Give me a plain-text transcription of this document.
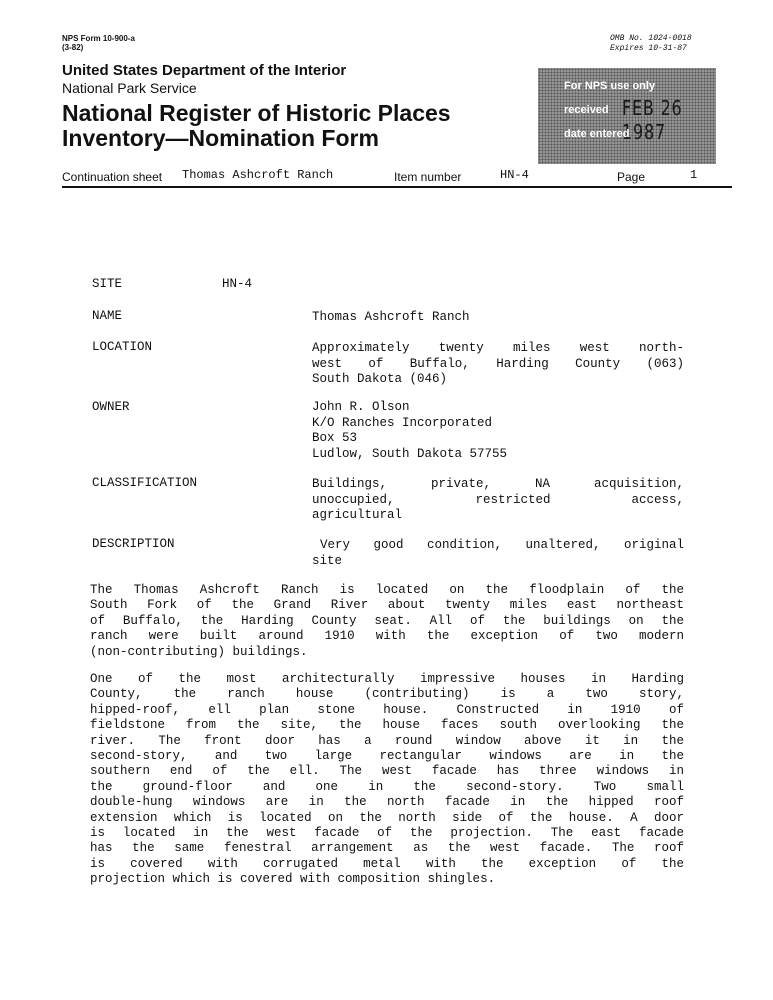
NPS Form 10-900-a
(3-82)
OMB No. 1024-0018
Expires 10-31-87
United States Department of the Interior
National Park Service
National Register of Historic Places
Inventory—Nomination Form
For NPS use only
received FEB 26 1987
date entered
Continuation sheet Thomas Ashcroft Ranch	Item number	HN-4	Page	1
SITE	HN-4
NAME	Thomas Ashcroft Ranch
LOCATION	Approximately twenty miles west north-
west of Buffalo, Harding County (063)
South Dakota (046)
OWNER	John R. Olson
K/O Ranches Incorporated
Box 53
Ludlow, South Dakota 57755
CLASSIFICATION	Buildings, private, NA acquisition,
unoccupied, restricted access,
agricultural
DESCRIPTION	Very good condition, unaltered, original
site
The Thomas Ashcroft Ranch is located on the floodplain of the
South Fork of the Grand River about twenty miles east northeast
of Buffalo, the Harding County seat. All of the buildings on the
ranch were built around 1910 with the exception of two modern
(non-contributing) buildings.
One of the most architecturally impressive houses in Harding
County, the ranch house (contributing) is a two story,
hipped-roof, ell plan stone house. Constructed in 1910 of
fieldstone from the site, the house faces south overlooking the
river. The front door has a round window above it in the
second-story, and two large rectangular windows are in the
southern end of the ell. The west facade has three windows in
the ground-floor and one in the second-story. Two small
double-hung windows are in the north facade in the hipped roof
extension which is located on the north side of the house. A door
is located in the west facade of the projection. The east facade
has the same fenestral arrangement as the west facade. The roof
is covered with corrugated metal with the exception of the
projection which is covered with composition shingles.
